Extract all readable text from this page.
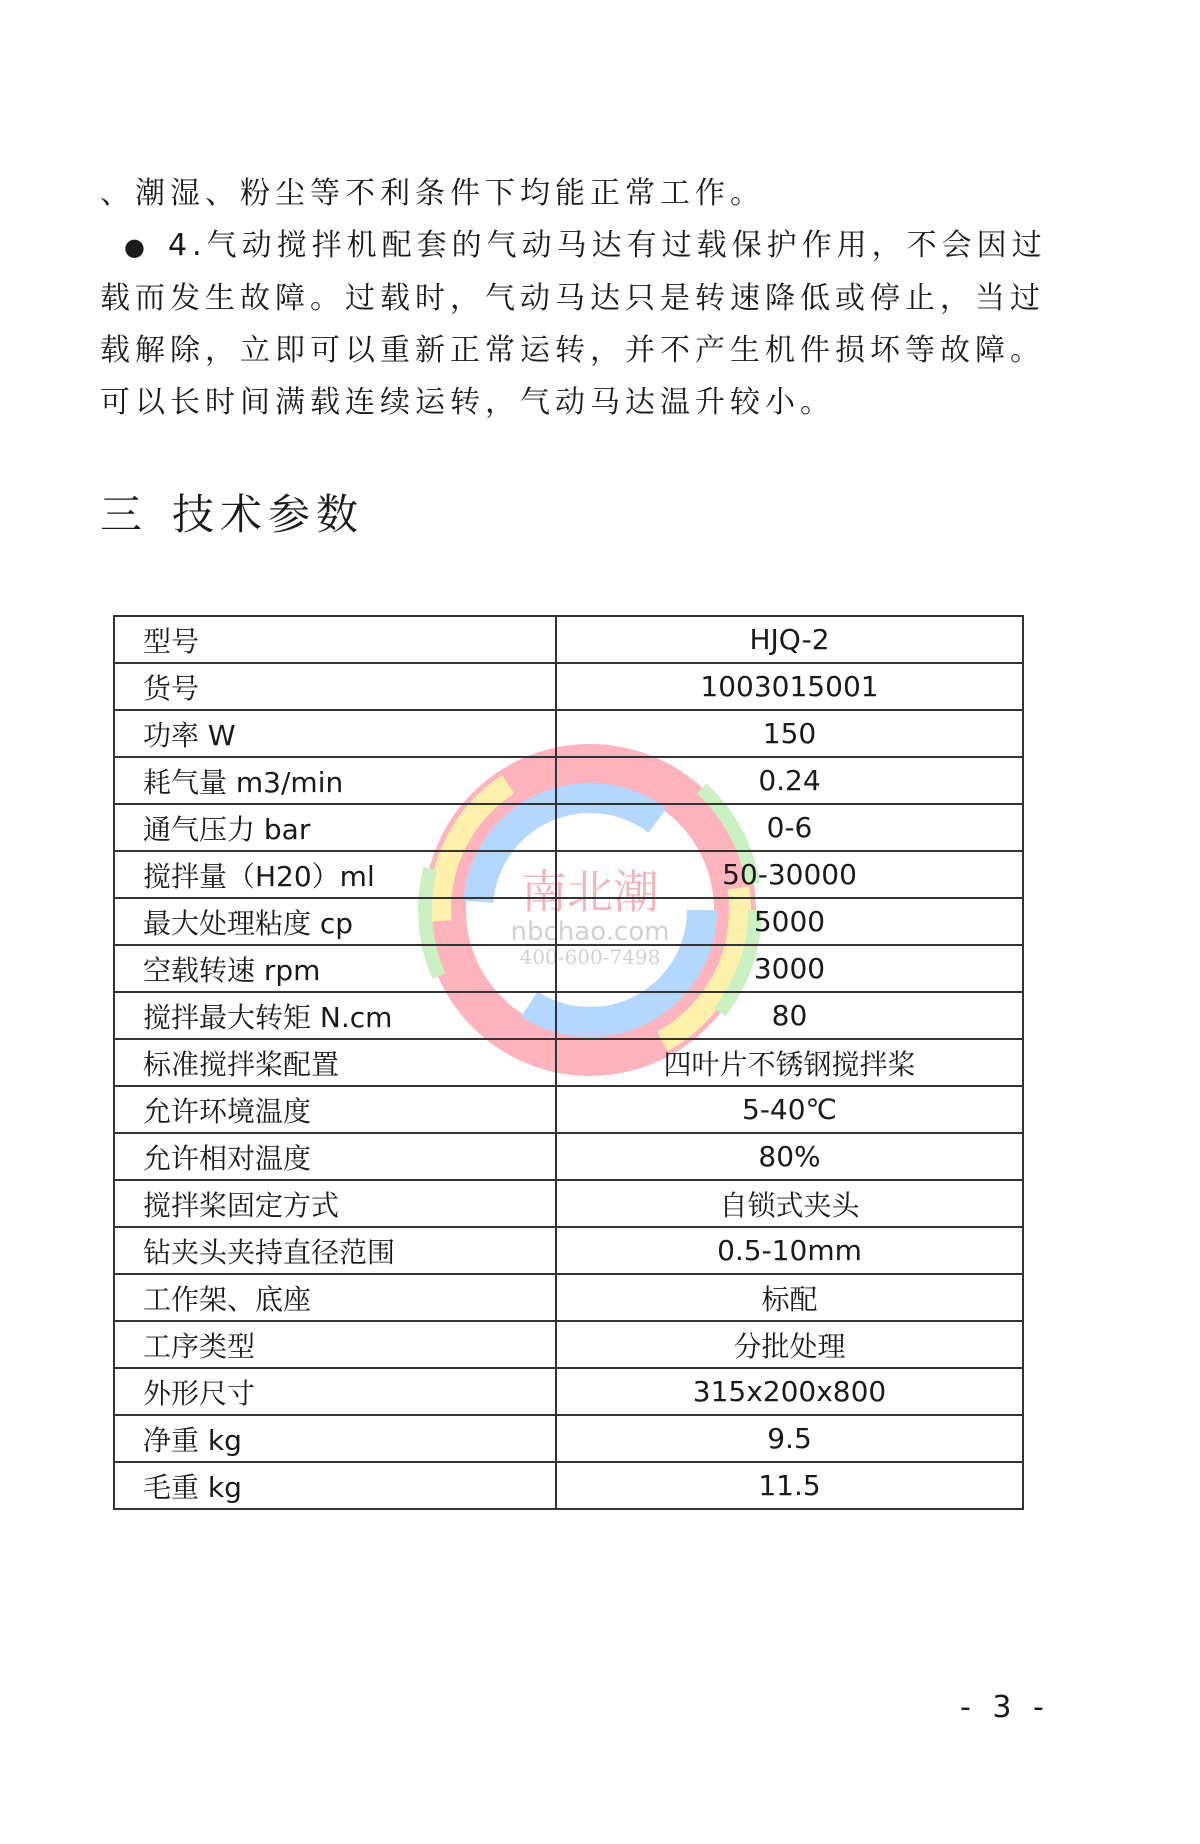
、潮湿、粉尘等不利条件下均能正常工作。

● 4.气动搅拌机配套的气动马达有过载保护作用，不会因过载而发生故障。过载时，气动马达只是转速降低或停止，当过载解除，立即可以重新正常运转，并不产生机件损坏等故障。可以长时间满载连续运转，气动马达温升较小。

三 技术参数
南北潮
nbchao.com
400-600-7498
型号	HJQ-2
货号	1003015001
功率 W	150
耗气量 m3/min	0.24
通气压力 bar	0-6
搅拌量（H20）ml	50-30000
最大处理粘度 cp	5000
空载转速 rpm	3000
搅拌最大转矩 N.cm	80
标准搅拌桨配置	四叶片不锈钢搅拌桨
允许环境温度	5-40℃
允许相对温度	80%
搅拌桨固定方式	自锁式夹头
钻夹头夹持直径范围	0.5-10mm
工作架、底座	标配
工序类型	分批处理
外形尺寸	315x200x800
净重 kg	9.5
毛重 kg	11.5
- 3 -
